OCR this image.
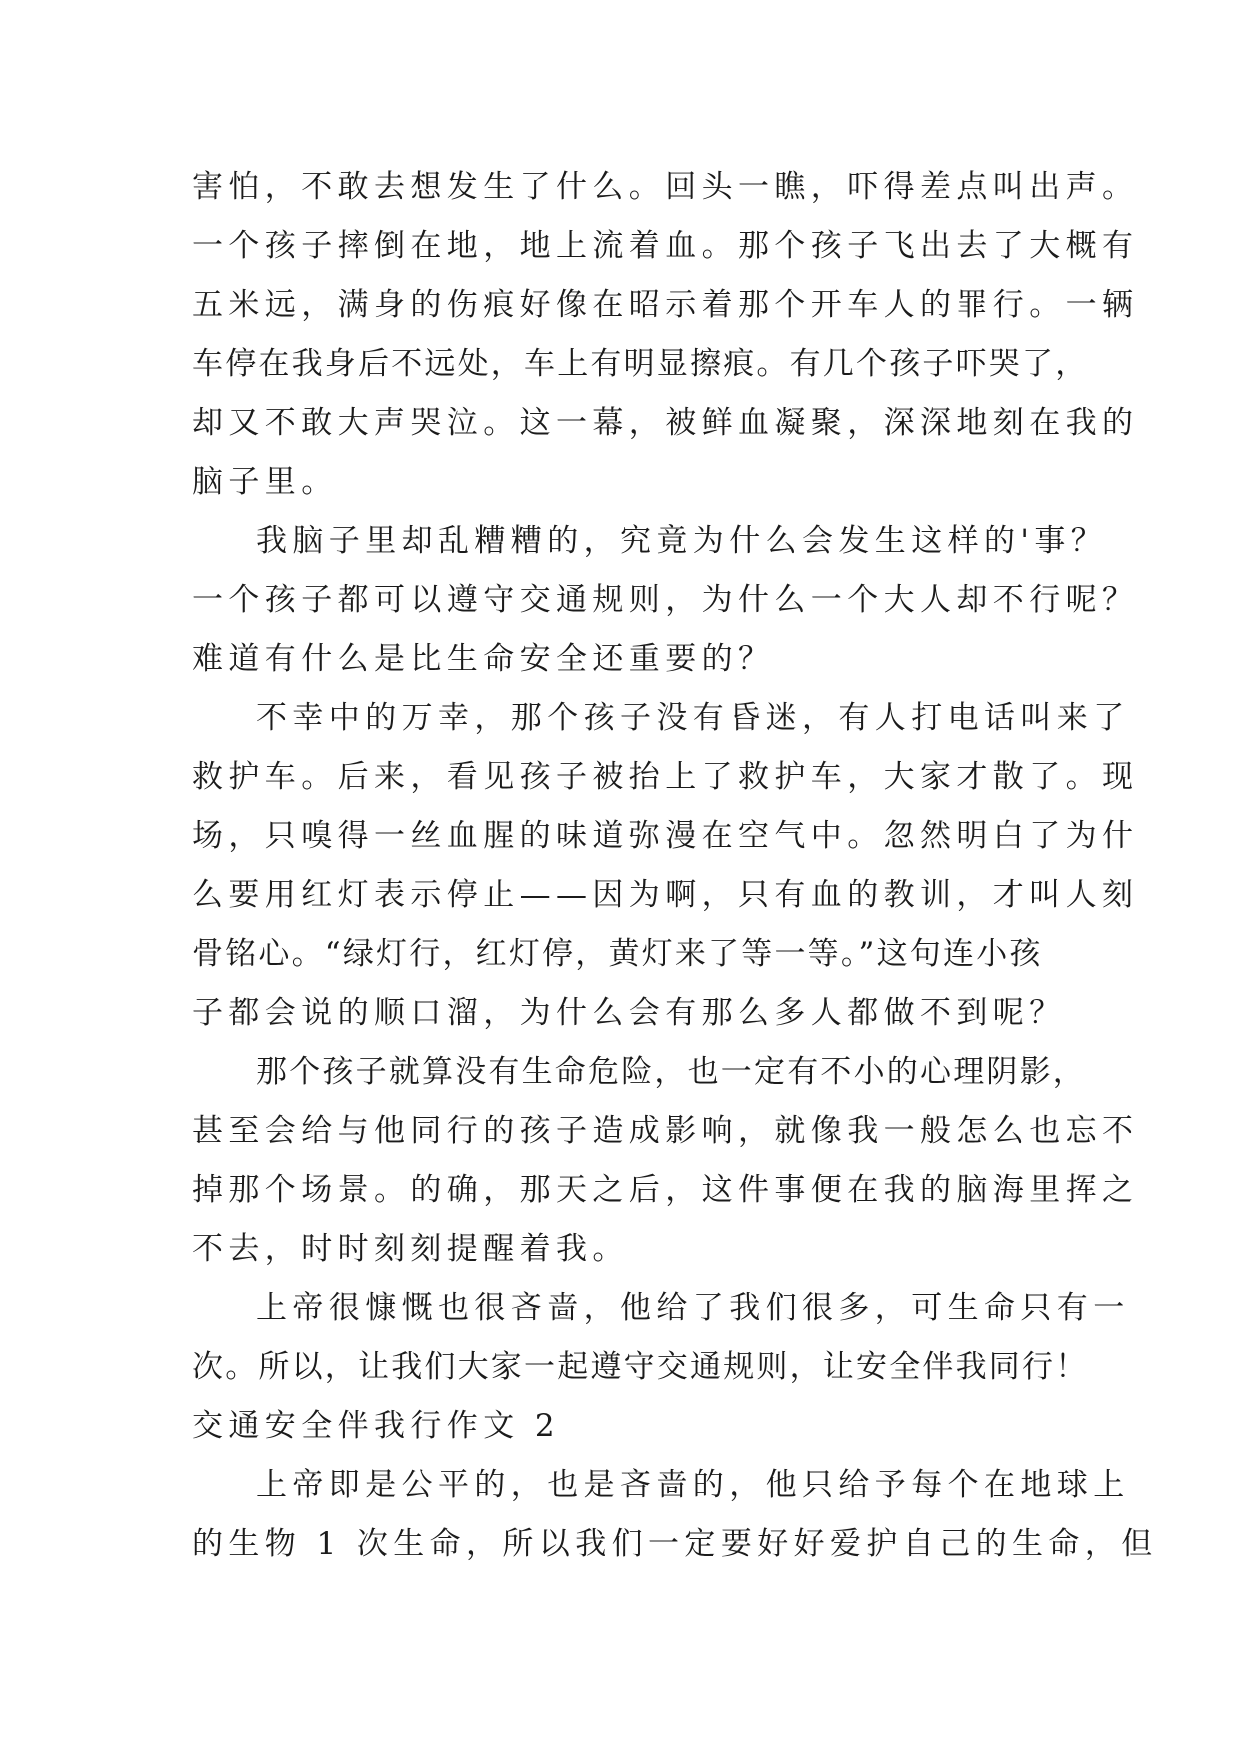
害怕，不敢去想发生了什么。回头一瞧，吓得差点叫出声。
一个孩子摔倒在地，地上流着血。那个孩子飞出去了大概有
五米远，满身的伤痕好像在昭示着那个开车人的罪行。一辆
车停在我身后不远处，车上有明显擦痕。有几个孩子吓哭了，
却又不敢大声哭泣。这一幕，被鲜血凝聚，深深地刻在我的
脑子里。
我脑子里却乱糟糟的，究竟为什么会发生这样的'事？
一个孩子都可以遵守交通规则，为什么一个大人却不行呢？
难道有什么是比生命安全还重要的？
不幸中的万幸，那个孩子没有昏迷，有人打电话叫来了
救护车。后来，看见孩子被抬上了救护车，大家才散了。现
场，只嗅得一丝血腥的味道弥漫在空气中。忽然明白了为什
么要用红灯表示停止——因为啊，只有血的教训，才叫人刻
骨铭心。“绿灯行，红灯停，黄灯来了等一等。”这句连小孩
子都会说的顺口溜，为什么会有那么多人都做不到呢？
那个孩子就算没有生命危险，也一定有不小的心理阴影，
甚至会给与他同行的孩子造成影响，就像我一般怎么也忘不
掉那个场景。的确，那天之后，这件事便在我的脑海里挥之
不去，时时刻刻提醒着我。
上帝很慷慨也很吝啬，他给了我们很多，可生命只有一
次。所以，让我们大家一起遵守交通规则，让安全伴我同行！
交通安全伴我行作文 2
上帝即是公平的，也是吝啬的，他只给予每个在地球上
的生物 1 次生命，所以我们一定要好好爱护自己的生命，但
